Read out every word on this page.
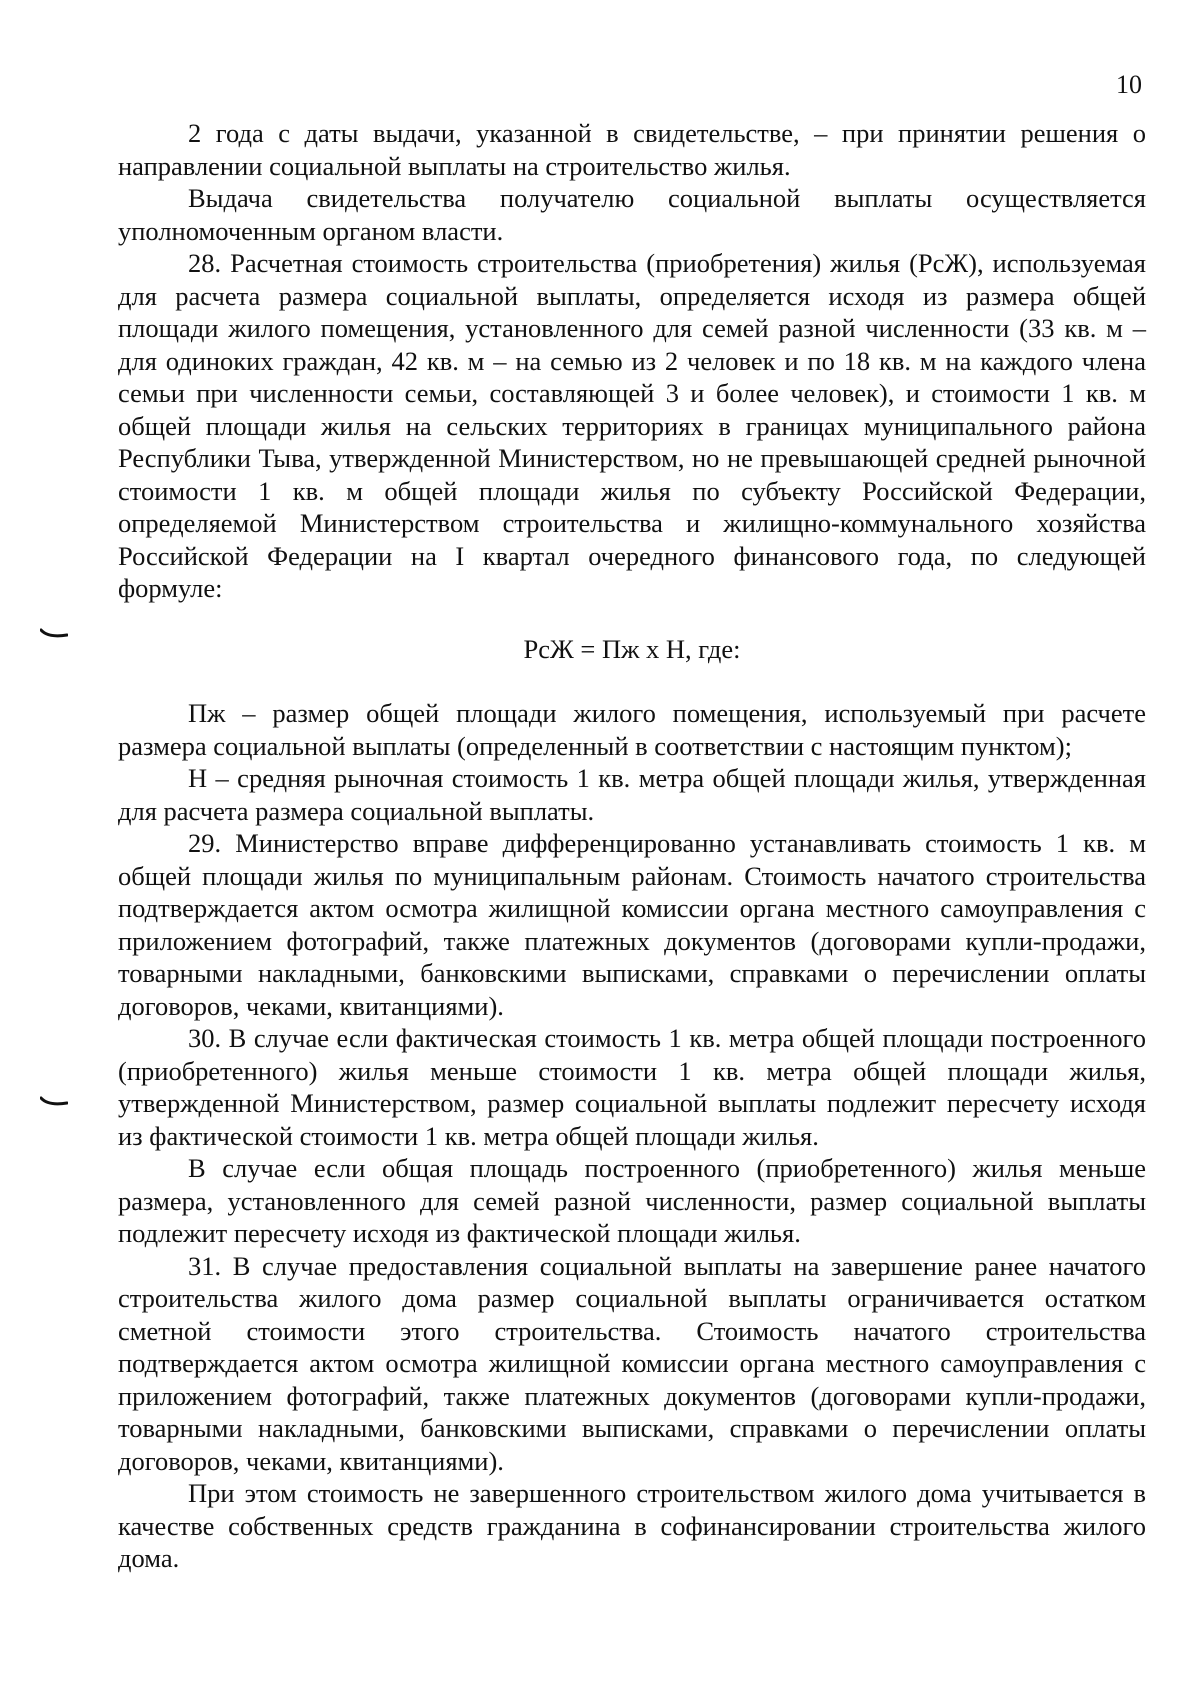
10

2 года с даты выдачи, указанной в свидетельстве, – при принятии решения о направлении социальной выплаты на строительство жилья.

Выдача свидетельства получателю социальной выплаты осуществляется уполномоченным органом власти.

28. Расчетная стоимость строительства (приобретения) жилья (РсЖ), используемая для расчета размера социальной выплаты, определяется исходя из размера общей площади жилого помещения, установленного для семей разной численности (33 кв. м – для одиноких граждан, 42 кв. м – на семью из 2 человек и по 18 кв. м на каждого члена семьи при численности семьи, составляющей 3 и более человек), и стоимости 1 кв. м общей площади жилья на сельских территориях в границах муниципального района Республики Тыва, утвержденной Министерством, но не превышающей средней рыночной стоимости 1 кв. м общей площади жилья по субъекту Российской Федерации, определяемой Министерством строительства и жилищно-коммунального хозяйства Российской Федерации на I квартал очередного финансового года, по следующей формуле:

РсЖ = Пж х Н, где:

Пж – размер общей площади жилого помещения, используемый при расчете размера социальной выплаты (определенный в соответствии с настоящим пунктом);

Н – средняя рыночная стоимость 1 кв. метра общей площади жилья, утвержденная для расчета размера социальной выплаты.

29. Министерство вправе дифференцированно устанавливать стоимость 1 кв. м общей площади жилья по муниципальным районам. Стоимость начатого строительства подтверждается актом осмотра жилищной комиссии органа местного самоуправления с приложением фотографий, также платежных документов (договорами купли-продажи, товарными накладными, банковскими выписками, справками о перечислении оплаты договоров, чеками, квитанциями).

30. В случае если фактическая стоимость 1 кв. метра общей площади построенного (приобретенного) жилья меньше стоимости 1 кв. метра общей площади жилья, утвержденной Министерством, размер социальной выплаты подлежит пересчету исходя из фактической стоимости 1 кв. метра общей площади жилья.

В случае если общая площадь построенного (приобретенного) жилья меньше размера, установленного для семей разной численности, размер социальной выплаты подлежит пересчету исходя из фактической площади жилья.

31. В случае предоставления социальной выплаты на завершение ранее начатого строительства жилого дома размер социальной выплаты ограничивается остатком сметной стоимости этого строительства. Стоимость начатого строительства подтверждается актом осмотра жилищной комиссии органа местного самоуправления с приложением фотографий, также платежных документов (договорами купли-продажи, товарными накладными, банковскими выписками, справками о перечислении оплаты договоров, чеками, квитанциями).

При этом стоимость не завершенного строительством жилого дома учитывается в качестве собственных средств гражданина в софинансировании строительства жилого дома.
